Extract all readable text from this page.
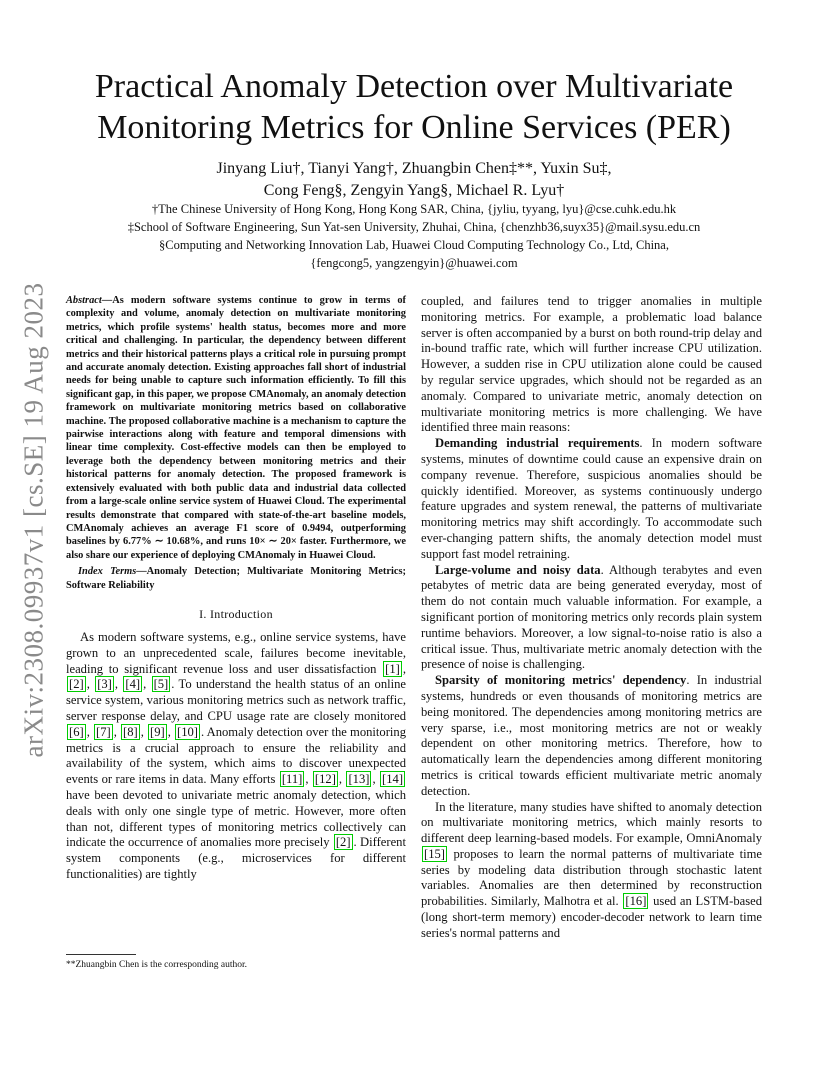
arXiv:2308.09937v1 [cs.SE] 19 Aug 2023
Practical Anomaly Detection over Multivariate Monitoring Metrics for Online Services (PER)
Jinyang Liu†, Tianyi Yang†, Zhuangbin Chen‡**, Yuxin Su‡,
Cong Feng§, Zengyin Yang§, Michael R. Lyu†
†The Chinese University of Hong Kong, Hong Kong SAR, China, {jyliu, tyyang, lyu}@cse.cuhk.edu.hk
‡School of Software Engineering, Sun Yat-sen University, Zhuhai, China, {chenzhb36,suyx35}@mail.sysu.edu.cn
§Computing and Networking Innovation Lab, Huawei Cloud Computing Technology Co., Ltd, China,
{fengcong5, yangzengyin}@huawei.com

Abstract—As modern software systems continue to grow in terms of complexity and volume, anomaly detection on multivariate monitoring metrics, which profile systems' health status, becomes more and more critical and challenging. In particular, the dependency between different metrics and their historical patterns plays a critical role in pursuing prompt and accurate anomaly detection. Existing approaches fall short of industrial needs for being unable to capture such information efficiently. To fill this significant gap, in this paper, we propose CMAnomaly, an anomaly detection framework on multivariate monitoring metrics based on collaborative machine. The proposed collaborative machine is a mechanism to capture the pairwise interactions along with feature and temporal dimensions with linear time complexity. Cost-effective models can then be employed to leverage both the dependency between monitoring metrics and their historical patterns for anomaly detection. The proposed framework is extensively evaluated with both public data and industrial data collected from a large-scale online service system of Huawei Cloud. The experimental results demonstrate that compared with state-of-the-art baseline models, CMAnomaly achieves an average F1 score of 0.9494, outperforming baselines by 6.77% ∼ 10.68%, and runs 10× ∼ 20× faster. Furthermore, we also share our experience of deploying CMAnomaly in Huawei Cloud.

Index Terms—Anomaly Detection; Multivariate Monitoring Metrics; Software Reliability

I. Introduction

As modern software systems, e.g., online service systems, have grown to an unprecedented scale, failures become inevitable, leading to significant revenue loss and user dissatisfaction [1] , [2] , [3] , [4] , [5] . To understand the health status of an online service system, various monitoring metrics such as network traffic, server response delay, and CPU usage rate are closely monitored [6] , [7] , [8] , [9] , [10] . Anomaly detection over the monitoring metrics is a crucial approach to ensure the reliability and availability of the system, which aims to discover unexpected events or rare items in data. Many efforts [11] , [12] , [13] , [14] have been devoted to univariate metric anomaly detection, which deals with only one single type of metric. However, more often than not, different types of monitoring metrics collectively can indicate the occurrence of anomalies more precisely [2] . Different system components (e.g., microservices for different functionalities) are tightly

coupled, and failures tend to trigger anomalies in multiple monitoring metrics. For example, a problematic load balance server is often accompanied by a burst on both round-trip delay and in-bound traffic rate, which will further increase CPU utilization. However, a sudden rise in CPU utilization alone could be caused by regular service upgrades, which should not be regarded as an anomaly. Compared to univariate metric, anomaly detection on multivariate monitoring metrics is more challenging. We have identified three main reasons:

Demanding industrial requirements. In modern software systems, minutes of downtime could cause an expensive drain on company revenue. Therefore, suspicious anomalies should be quickly identified. Moreover, as systems continuously undergo feature upgrades and system renewal, the patterns of multivariate monitoring metrics may shift accordingly. To accommodate such ever-changing pattern shifts, the anomaly detection model must support fast model retraining.

Large-volume and noisy data. Although terabytes and even petabytes of metric data are being generated everyday, most of them do not contain much valuable information. For example, a significant portion of monitoring metrics only records plain system runtime behaviors. Moreover, a low signal-to-noise ratio is also a critical issue. Thus, multivariate metric anomaly detection with the presence of noise is challenging.

Sparsity of monitoring metrics' dependency. In industrial systems, hundreds or even thousands of monitoring metrics are being monitored. The dependencies among monitoring metrics are very sparse, i.e., most monitoring metrics are not or weakly dependent on other monitoring metrics. Therefore, how to automatically learn the dependencies among different monitoring metrics is critical towards efficient multivariate metric anomaly detection.

In the literature, many studies have shifted to anomaly detection on multivariate monitoring metrics, which mainly resorts to different deep learning-based models. For example, OmniAnomaly [15] proposes to learn the normal patterns of multivariate time series by modeling data distribution through stochastic latent variables. Anomalies are then determined by reconstruction probabilities. Similarly, Malhotra et al. [16] used an LSTM-based (long short-term memory) encoder-decoder network to learn time series's normal patterns and

**Zhuangbin Chen is the corresponding author.
